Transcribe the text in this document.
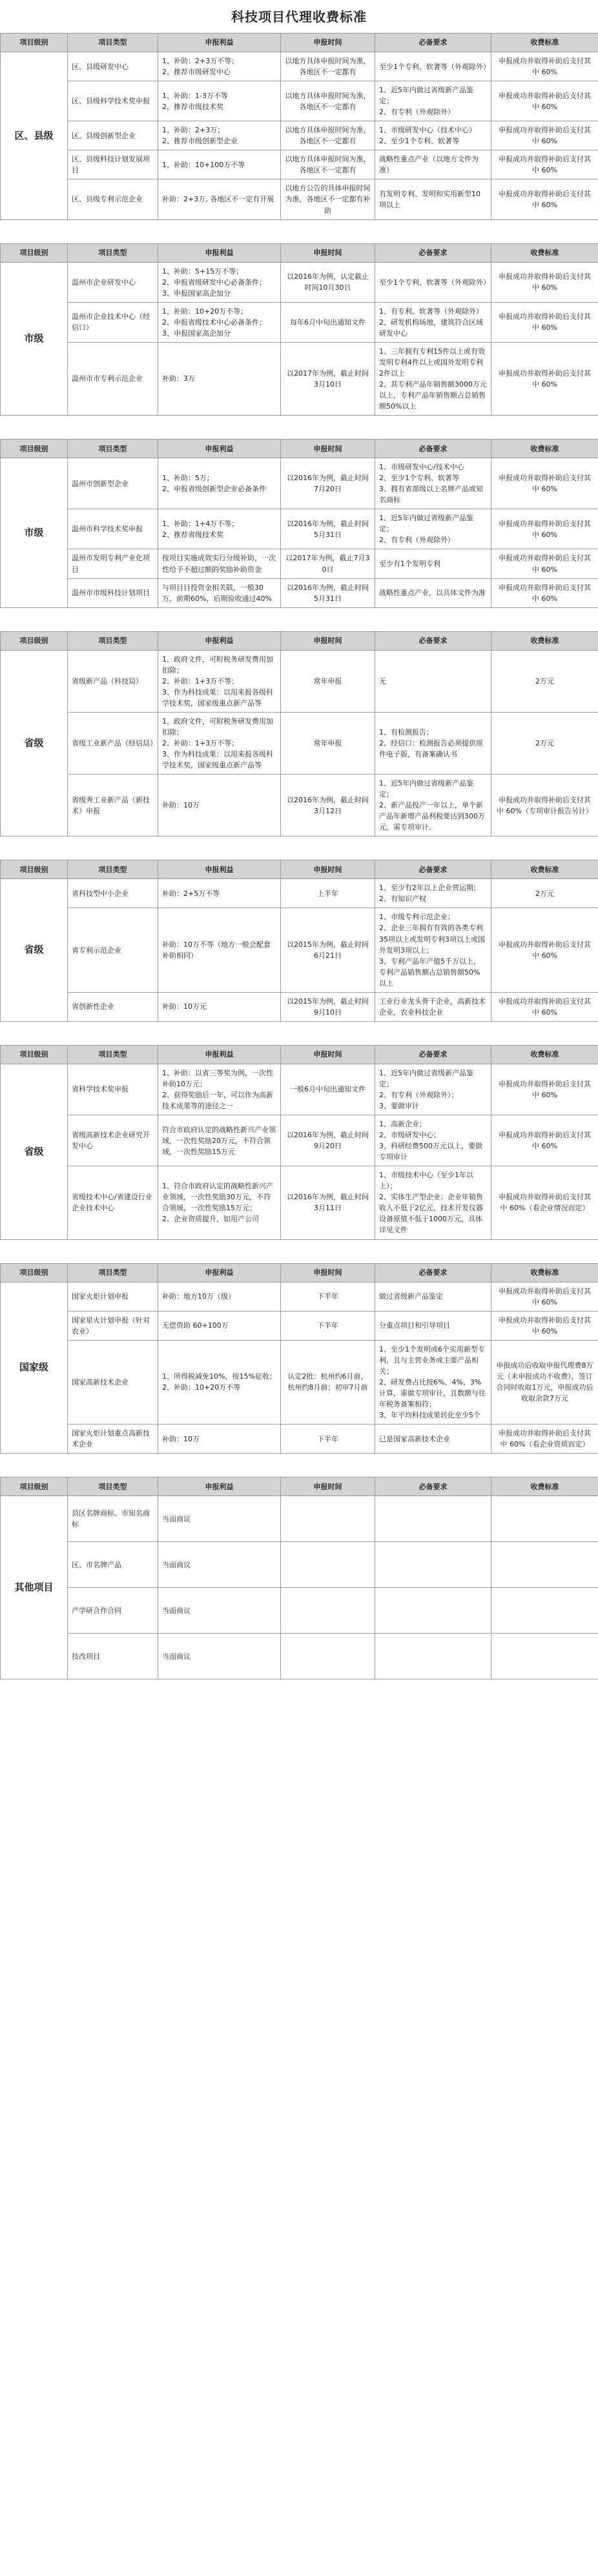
科技项目代理收费标准
项目级别	项目类型	申报利益	申报时间	必备要求	收费标准
区、县级	区、县级研发中心	1、补助：2+3万不等；
2、推荐市级研发中心	以地方具体申报时间为准，各地区不一定都有	至少1个专利、软著等（外观除外）	申报成功并取得补助后支付其中 60%
	区、县级科学技术奖申报	1、补助：1-3万不等
2、推荐市级技术奖	以地方具体申报时间为准，各地区不一定都有	1、近5年内做过省级新产品鉴定；
2、有专利（外观除外）	申报成功并取得补助后支付其中 60%
	区、县级创新型企业	1、补助：2+3万；
2、推荐市级创新型企业	以地方具体申报时间为准，各地区不一定都有	1、市级研发中心（技术中心）
2、至少1个专利、软著等	申报成功并取得补助后支付其中 60%
	区、县级科技计划发展项目	1、补助：10+100万不等	以地方具体申报时间为准，各地区不一定都有	战略性重点产业（以地方文件为准）	申报成功并取得补助后支付其中 60%
	区、县级专利示范企业	补助：2+3万, 各地区不一定有开展	以地方公告的具体申报时间为准，各地区不一定都有补助	有发明专利、发明和实用新型10项以上	申报成功并取得补助后支付其中 60%
项目级别	项目类型	申报利益	申报时间	必备要求	收费标准
市级	温州市企业研发中心	1、补助：5+15万不等；
2、申报省级研发中心必备条件；
3、申报国家高企加分	以2016年为例，认定截止时间10月30日	至少1个专利、软著等（外观除外）	申报成功并取得补助后支付其中 60%
	温州市企业技术中心（经信口）	1、补助：10+20万不等；
2、申报省级技术中心必备条件；
3、申报国家高企加分	每年6月中旬出通知文件	1、有专利、软著等（外观除外）
2、研发机构场地，建筑符合区域研发中心	申报成功并取得补助后支付其中 60%
	温州市市专利示范企业	补助：3万	以2017年为例，截止时间3月10日	1、三年拥有专利15件以上或有效发明专利4件以上或国外发明专利2件以上
2、其专利产品年销售额3000万元以上，专利产品年销售额占总销售额50%以上	申报成功并取得补助后支付其中 60%
项目级别	项目类型	申报利益	申报时间	必备要求	收费标准
市级	温州市创新型企业	1、补助：5万；
2、申报省级创新型企业必备条件	以2016年为例，截止时间7月20日	1、市级研发中心/技术中心
2、至少1个专利、软著等
3、拥有省部级以上名牌产品或知名商标	申报成功并取得补助后支付其中 60%
	温州市科学技术奖申报	1、补助：1+4万不等；
2、推荐省级技术奖	以2016年为例，截止时间5月31日	1、近5年内做过省级新产品鉴定；
2、有专利（外观除外）	申报成功并取得补助后支付其中 60%
	温州市发明专利产业化项目	按项目实施成效实行分级补助，一次性给予不超过额的奖励补助资金	以2017年为例，截止7月30日	至少有1个发明专利	申报成功并取得补助后支付其中 60%
	温州市市级科技计划项目	与项目目投资金相关联，一般30万，前期60%，后期验收通过40%	以2016年为例，截止时间5月31日	战略性重点产业，以具体文件为准	申报成功并取得补助后支付其中 60%
项目级别	项目类型	申报利益	申报时间	必备要求	收费标准
省级	省级新产品（科技局）	1、政府文件，可附税务研发费用加扣除；
2、补助：1+3万不等；
3、作为科技成果：以用来报各级科学技术奖，国家级重点新产品等	常年申报	无	2万元
	省级工业新产品（经信局）	1、政府文件，可附税务研发费用加扣除；
2、补助：1+3万不等；
3、作为科技成果：以用来报各级科学技术奖，国家级重点新产品等	常年申报	1、有检测报告；
2、经信口：检测报告必须提供原件电子版，有备案确认书	2万元
	省级秀工业新产品（新技术）申报	补助：10万	以2016年为例，截止时间3月12日	1、近5年内做过省级新产品鉴定；
2、新产品投产一年以上，单个新产品年新增产品利税要达到300万元，需专项审计。	申报成功并取得补助后支付其中 60%（专项审计报告另计）
项目级别	项目类型	申报利益	申报时间	必备要求	收费标准
省级	省科技型中小企业	补助：2+5万不等	上半年	1、至少有2年以上企业营运期；
2、有知识产权	2万元
	省专利示范企业	补助：10万不等（地方一般会配套补助相同）	以2015年为例，截止时间6月21日	1、市级专利示范企业；
2、企业三年拥有有效的各类专利35项以上或发明专利3项以上或国外发明3项以上；
3、专利产品年产值5千万以上，专利产品销售额占总销售额50%以上	申报成功并取得补助后支付其中 60%
	省创新性企业	补助：10万元	以2015年为例，截止时间9月10日	工业行业龙头骨干企业，高新技术企业，农业科技企业	申报成功并取得补助后支付其中 60%
项目级别	项目类型	申报利益	申报时间	必备要求	收费标准
省级	省科学技术奖申报	1、补助：以省三等奖为例，一次性补助10万元；
2、获得奖励后一年，可以作为高新技术成果等的途径之一	一般6月中旬出通知文件	1、近5年内做过省级新产品鉴定；
2、有专利（外观除外）；
3、要做审计	申报成功并取得补助后支付其中 60%
	省级高新技术企业研究开发中心	符合市政府认定的战略性新兴产业领域，一次性奖励20万元，不符合领域，一次性奖励15万元	以2016年为例，截止时间9月20日	1、高新企业；
2、市级研发中心；
3、科研经费500万元以上，要做专项审计	申报成功并取得补助后支付其中 60%
	省级技术中心/省建设行业企业技术中心	1、符合市政府认定的战略性新兴产业领域，一次性奖励30万元，不符合领域，一次性奖励15万元；
2、企业资质提升，如用产公司	以2016年为例，截止时间3月11日	1、市级技术中心（至少1年以上）；
2、实体生产型企业：企业年销售收入不低于2亿元，技术开发仪器设备原值不低于1000万元，具体详见文件	申报成功并取得补助后支付其中 60%（看企业情况而定）
项目级别	项目类型	申报利益	申报时间	必备要求	收费标准
国家级	国家火炬计划申报	补助：地方10万（级）	下半年	做过省级新产品鉴定	申报成功并取得补助后支付其中 60%
	国家星火计划申报（针对农业）	无偿资助 60+100万	下半年	分重点项目和引导项目	申报成功并取得补助后支付其中 60%
	国家高新技术企业	1、所得税减免10%，按15%征收；
2、补助：10+20万不等	认定2批：杭州约6月前，杭州约8月前；初审7月前	1、至少1个发明或6个实用新型专利，且与主营业务或主要产品相关；
2、研发费占比按6%、4%、3%计算，需做专项审计，且数额与往年税务备案相符；
3、年平均科技成果转化至少5个	申报成功后收取申报代理费8万元（未申报成功不收费），签订合同时收取1万元，申报成功后收取余款7万元
	国家火炬计划重点高新技术企业	补助：10万	下半年	已是国家高新技术企业	申报成功并取得补助后支付其中 60%（看企业资质而定）
项目级别	项目类型	申报利益	申报时间	必备要求	收费标准
其他项目	县区名牌商标、市知名商标	当面商议			
	区、市名牌产品	当面商议			
	产学研合作合同	当面商议			
	技改项目	当面商议			
